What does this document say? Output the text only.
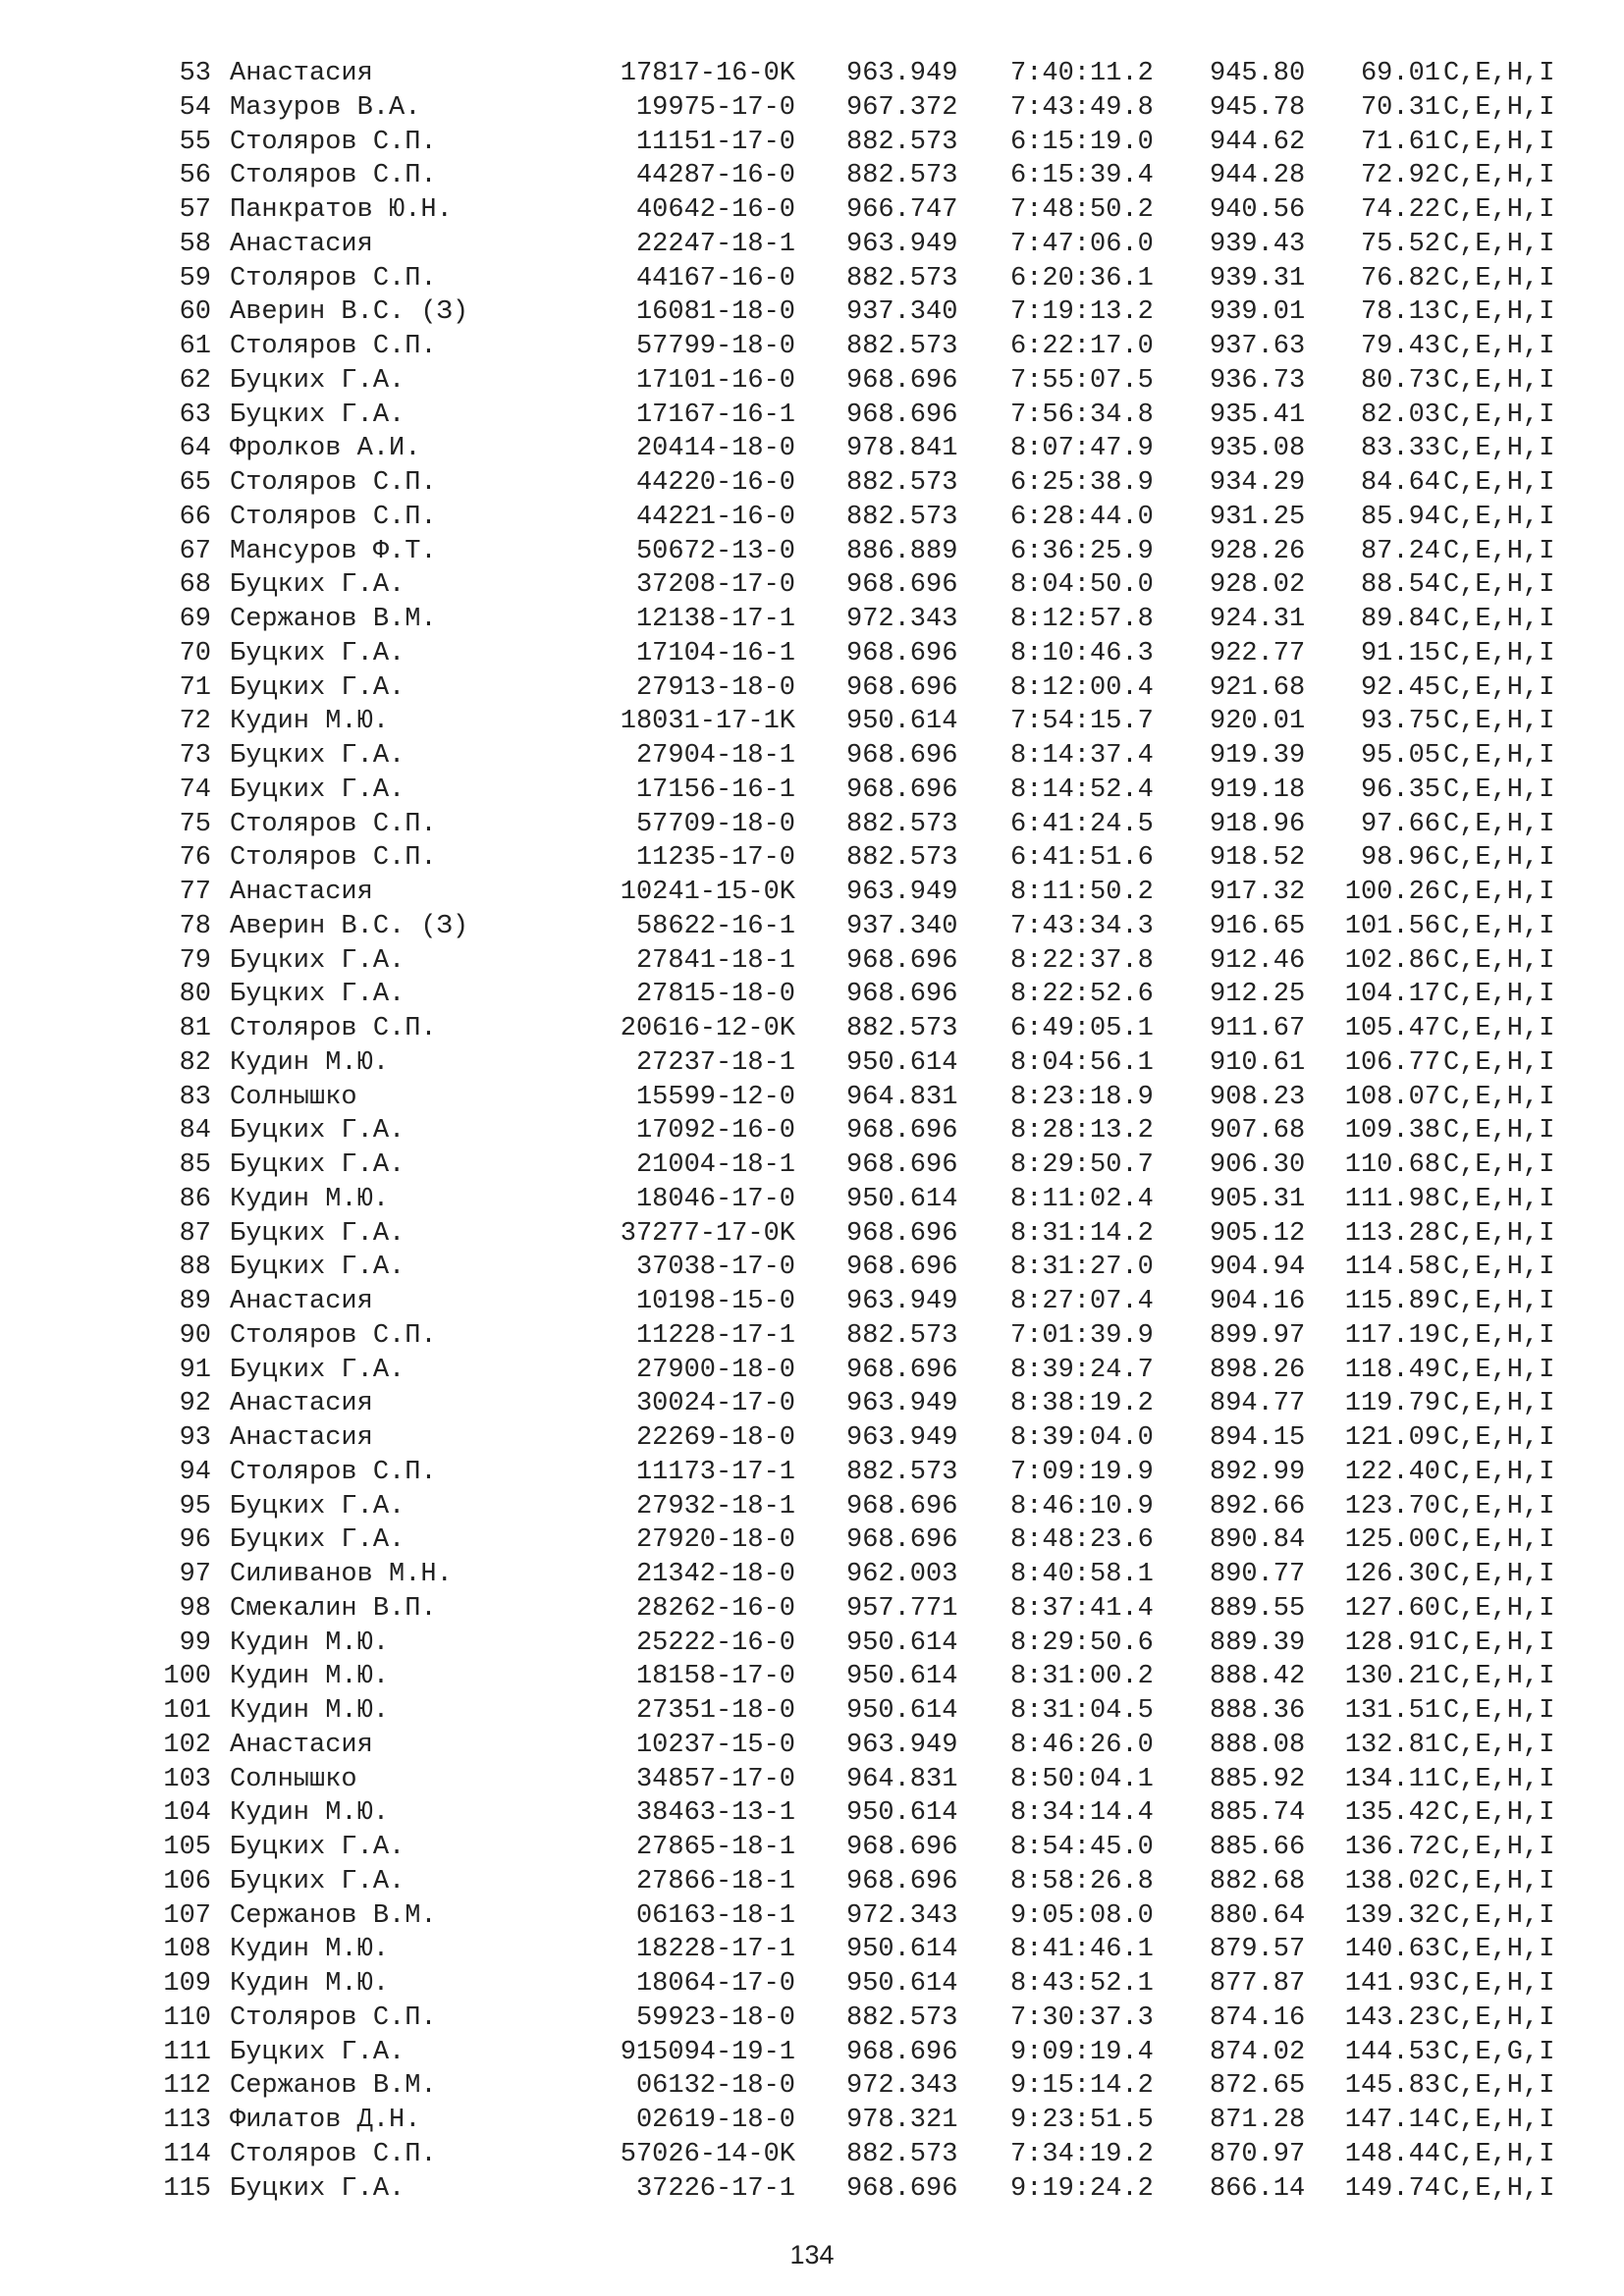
53 Анастасия	17817-16-0K 963.949 7:40:11.2 945.80	69.01 C,E,H,I
54 Мазуров В.А.	19975-17-0 967.372 7:43:49.8 945.78	70.31 C,E,H,I
55 Столяров С.П.	11151-17-0 882.573 6:15:19.0 944.62	71.61 C,E,H,I
56 Столяров С.П.	44287-16-0 882.573 6:15:39.4 944.28	72.92 C,E,H,I
57 Панкратов Ю.Н.	40642-16-0 966.747 7:48:50.2 940.56	74.22 C,E,H,I
58 Анастасия	22247-18-1 963.949 7:47:06.0 939.43	75.52 C,E,H,I
59 Столяров С.П.	44167-16-0 882.573 6:20:36.1 939.31	76.82 C,E,H,I
60 Аверин В.С. (З)	16081-18-0 937.340 7:19:13.2 939.01	78.13 C,E,H,I
61 Столяров С.П.	57799-18-0 882.573 6:22:17.0 937.63	79.43 C,E,H,I
62 Буцких Г.А.	17101-16-0 968.696 7:55:07.5 936.73	80.73 C,E,H,I
63 Буцких Г.А.	17167-16-1 968.696 7:56:34.8 935.41	82.03 C,E,H,I
64 Фролков А.И.	20414-18-0 978.841 8:07:47.9 935.08	83.33 C,E,H,I
65 Столяров С.П.	44220-16-0 882.573 6:25:38.9 934.29	84.64 C,E,H,I
66 Столяров С.П.	44221-16-0 882.573 6:28:44.0 931.25	85.94 C,E,H,I
67 Мансуров Ф.Т.	50672-13-0 886.889 6:36:25.9 928.26	87.24 C,E,H,I
68 Буцких Г.А.	37208-17-0 968.696 8:04:50.0 928.02	88.54 C,E,H,I
69 Сержанов В.М.	12138-17-1 972.343 8:12:57.8 924.31	89.84 C,E,H,I
70 Буцких Г.А.	17104-16-1 968.696 8:10:46.3 922.77	91.15 C,E,H,I
71 Буцких Г.А.	27913-18-0 968.696 8:12:00.4 921.68	92.45 C,E,H,I
72 Кудин М.Ю.	18031-17-1K 950.614 7:54:15.7 920.01	93.75 C,E,H,I
73 Буцких Г.А.	27904-18-1 968.696 8:14:37.4 919.39	95.05 C,E,H,I
74 Буцких Г.А.	17156-16-1 968.696 8:14:52.4 919.18	96.35 C,E,H,I
75 Столяров С.П.	57709-18-0 882.573 6:41:24.5 918.96	97.66 C,E,H,I
76 Столяров С.П.	11235-17-0 882.573 6:41:51.6 918.52	98.96 C,E,H,I
77 Анастасия	10241-15-0K 963.949 8:11:50.2 917.32	100.26 C,E,H,I
78 Аверин В.С. (З)	58622-16-1 937.340 7:43:34.3 916.65	101.56 C,E,H,I
79 Буцких Г.А.	27841-18-1 968.696 8:22:37.8 912.46	102.86 C,E,H,I
80 Буцких Г.А.	27815-18-0 968.696 8:22:52.6 912.25	104.17 C,E,H,I
81 Столяров С.П.	20616-12-0K 882.573 6:49:05.1 911.67	105.47 C,E,H,I
82 Кудин М.Ю.	27237-18-1 950.614 8:04:56.1 910.61	106.77 C,E,H,I
83 Солнышко	15599-12-0 964.831 8:23:18.9 908.23	108.07 C,E,H,I
84 Буцких Г.А.	17092-16-0 968.696 8:28:13.2 907.68	109.38 C,E,H,I
85 Буцких Г.А.	21004-18-1 968.696 8:29:50.7 906.30	110.68 C,E,H,I
86 Кудин М.Ю.	18046-17-0 950.614 8:11:02.4 905.31	111.98 C,E,H,I
87 Буцких Г.А.	37277-17-0K 968.696 8:31:14.2 905.12	113.28 C,E,H,I
88 Буцких Г.А.	37038-17-0 968.696 8:31:27.0 904.94	114.58 C,E,H,I
89 Анастасия	10198-15-0 963.949 8:27:07.4 904.16	115.89 C,E,H,I
90 Столяров С.П.	11228-17-1 882.573 7:01:39.9 899.97	117.19 C,E,H,I
91 Буцких Г.А.	27900-18-0 968.696 8:39:24.7 898.26	118.49 C,E,H,I
92 Анастасия	30024-17-0 963.949 8:38:19.2 894.77	119.79 C,E,H,I
93 Анастасия	22269-18-0 963.949 8:39:04.0 894.15	121.09 C,E,H,I
94 Столяров С.П.	11173-17-1 882.573 7:09:19.9 892.99	122.40 C,E,H,I
95 Буцких Г.А.	27932-18-1 968.696 8:46:10.9 892.66	123.70 C,E,H,I
96 Буцких Г.А.	27920-18-0 968.696 8:48:23.6 890.84	125.00 C,E,H,I
97 Силиванов М.Н.	21342-18-0 962.003 8:40:58.1 890.77	126.30 C,E,H,I
98 Смекалин В.П.	28262-16-0 957.771 8:37:41.4 889.55	127.60 C,E,H,I
99 Кудин М.Ю.	25222-16-0 950.614 8:29:50.6 889.39	128.91 C,E,H,I
100 Кудин М.Ю.	18158-17-0 950.614 8:31:00.2 888.42	130.21 C,E,H,I
101 Кудин М.Ю.	27351-18-0 950.614 8:31:04.5 888.36	131.51 C,E,H,I
102 Анастасия	10237-15-0 963.949 8:46:26.0 888.08	132.81 C,E,H,I
103 Солнышко	34857-17-0 964.831 8:50:04.1 885.92	134.11 C,E,H,I
104 Кудин М.Ю.	38463-13-1 950.614 8:34:14.4 885.74	135.42 C,E,H,I
105 Буцких Г.А.	27865-18-1 968.696 8:54:45.0 885.66	136.72 C,E,H,I
106 Буцких Г.А.	27866-18-1 968.696 8:58:26.8 882.68	138.02 C,E,H,I
107 Сержанов В.М.	06163-18-1 972.343 9:05:08.0 880.64	139.32 C,E,H,I
108 Кудин М.Ю.	18228-17-1 950.614 8:41:46.1 879.57	140.63 C,E,H,I
109 Кудин М.Ю.	18064-17-0 950.614 8:43:52.1 877.87	141.93 C,E,H,I
110 Столяров С.П.	59923-18-0 882.573 7:30:37.3 874.16	143.23 C,E,H,I
111 Буцких Г.А.	915094-19-1 968.696 9:09:19.4 874.02	144.53 C,E,G,I
112 Сержанов В.М.	06132-18-0 972.343 9:15:14.2 872.65	145.83 C,E,H,I
113 Филатов Д.Н.	02619-18-0 978.321 9:23:51.5 871.28	147.14 C,E,H,I
114 Столяров С.П.	57026-14-0K 882.573 7:34:19.2 870.97	148.44 C,E,H,I
115 Буцких Г.А.	37226-17-1 968.696 9:19:24.2 866.14	149.74 C,E,H,I
134
